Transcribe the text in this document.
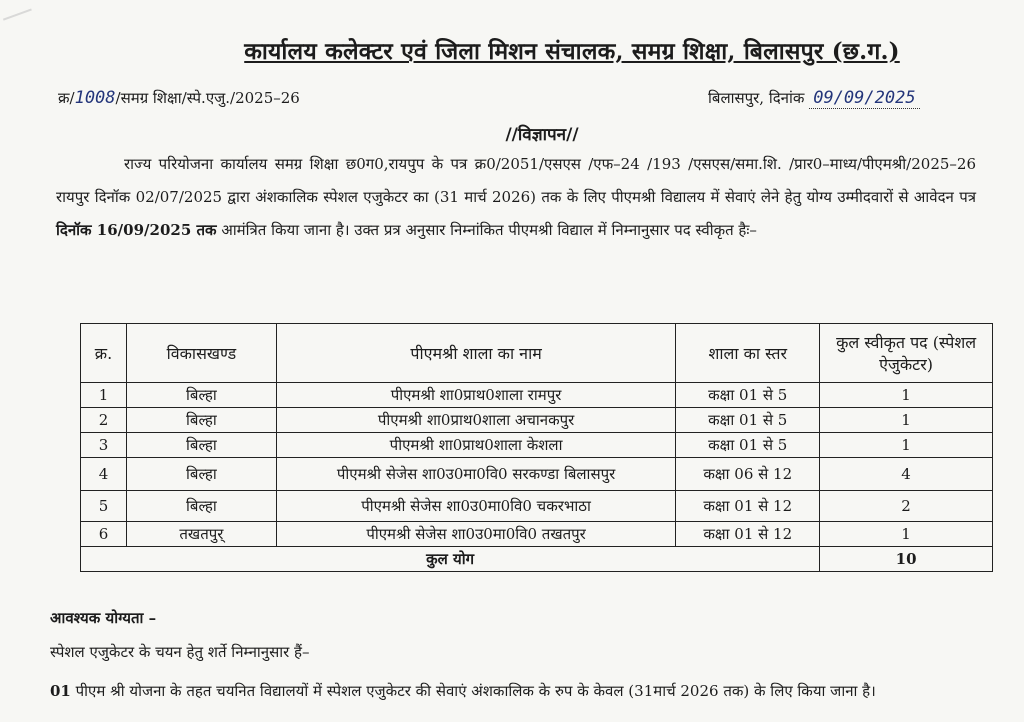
कार्यालय कलेक्टर एवं जिला मिशन संचालक, समग्र शिक्षा, बिलासपुर (छ.ग.)
क्र/1008/समग्र शिक्षा/स्पे.एजु./2025–26	बिलासपुर, दिनांक 09/09/2025
//विज्ञापन//

राज्य परियोजना कार्यालय समग्र शिक्षा छ0ग0,रायपुप के पत्र क्र0/2051/एसएस /एफ–24 /193 /एसएस/समा.शि. /प्रार0–माध्य/पीएमश्री/2025–26 रायपुर दिनॉक 02/07/2025 द्वारा अंशकालिक स्पेशल एजुकेटर का (31 मार्च 2026) तक के लिए पीएमश्री विद्यालय में सेवाएं लेने हेतु योग्य उम्मीदवारों से आवेदन पत्र दिनॉक 16/09/2025 तक आमंत्रित किया जाना है। उक्त प्रत्र अनुसार निम्नांकित पीएमश्री विद्याल में निम्नानुसार पद स्वीकृत हैः–

क्र.	विकासखण्ड	पीएमश्री शाला का नाम	शाला का स्तर	कुल स्वीकृत पद (स्पेशल ऐजुकेटर)
1	बिल्हा	पीएमश्री शा0प्राथ0शाला रामपुर	कक्षा 01 से 5	1
2	बिल्हा	पीएमश्री शा0प्राथ0शाला अचानकपुर	कक्षा 01 से 5	1
3	बिल्हा	पीएमश्री शा0प्राथ0शाला केशला	कक्षा 01 से 5	1
4	बिल्हा	पीएमश्री सेजेस शा0उ0मा0वि0 सरकण्डा बिलासपुर	कक्षा 06 से 12	4
5	बिल्हा	पीएमश्री सेजेस शा0उ0मा0वि0 चकरभाठा	कक्षा 01 से 12	2
6	तखतपुर्	पीएमश्री सेजेस शा0उ0मा0वि0 तखतपुर	कक्षा 01 से 12	1
कुल योग				10
आवश्यक योग्यता –
स्पेशल एजुकेटर के चयन हेतु शर्ते निम्नानुसार हैं–

01 पीएम श्री योजना के तहत चयनित विद्यालयों में स्पेशल एजुकेटर की सेवाएं अंशकालिक के रुप के केवल (31मार्च 2026 तक) के लिए किया जाना है।
